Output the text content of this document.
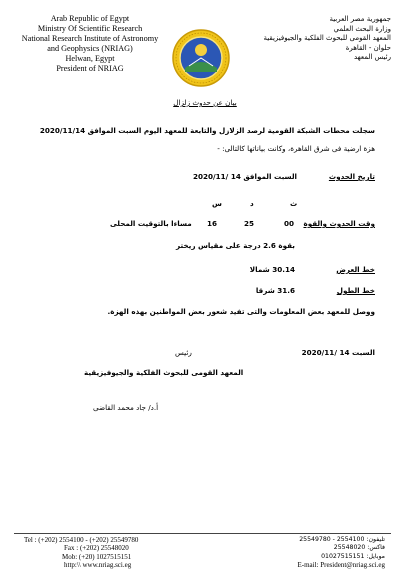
Arab Republic of Egypt
Ministry Of Scientific Research
National Research Institute of Astronomy
and Geophysics (NRIAG)
Helwan, Egypt
President of NRIAG
جمهورية مصر العربية
وزارة البحث العلمي
المعهد القومى للبحوث الفلكية والجيوفيزيقية
حلوان - القاهرة
رئيس المعهد
بيان عن حدوث زلزال
سجلت محطات الشبكة القومية لرصد الزلازل والتابعة للمعهد اليوم السبت الموافق 2020/11/14
هزة ارضية فى شرق القاهرة، وكانت بياناتها كالتالى: -
تاريخ الحدوث
السبت الموافق 14 /2020/11
ث
د
س
وقت الحدوث والقوة
00
25
16
مساءا بالتوقيت المحلى
بقوة 2.6 درجة على مقياس ريختر
خط العرض
30.14 شمالا
خط الطول
31.6 شرقا
ووصل للمعهد بعض المعلومات والتى تفيد شعور بعض المواطنين بهذه الهزة.
السبت 14 /2020/11
رئيس
المعهد القومى للبحوث الفلكية والجيوفيزيقية
أ.د/ جاد محمد القاضى
Tel : (+202) 2554100 - (+202) 25549780
Fax : (+202) 25548020
Mob: (+20) 1027515151
http:\\ www.nriag.sci.eg
تليفون: 2554100 - 25549780
فاكس: 25548020
موبايل: 01027515151
E-mail: President@nriag.sci.eg
